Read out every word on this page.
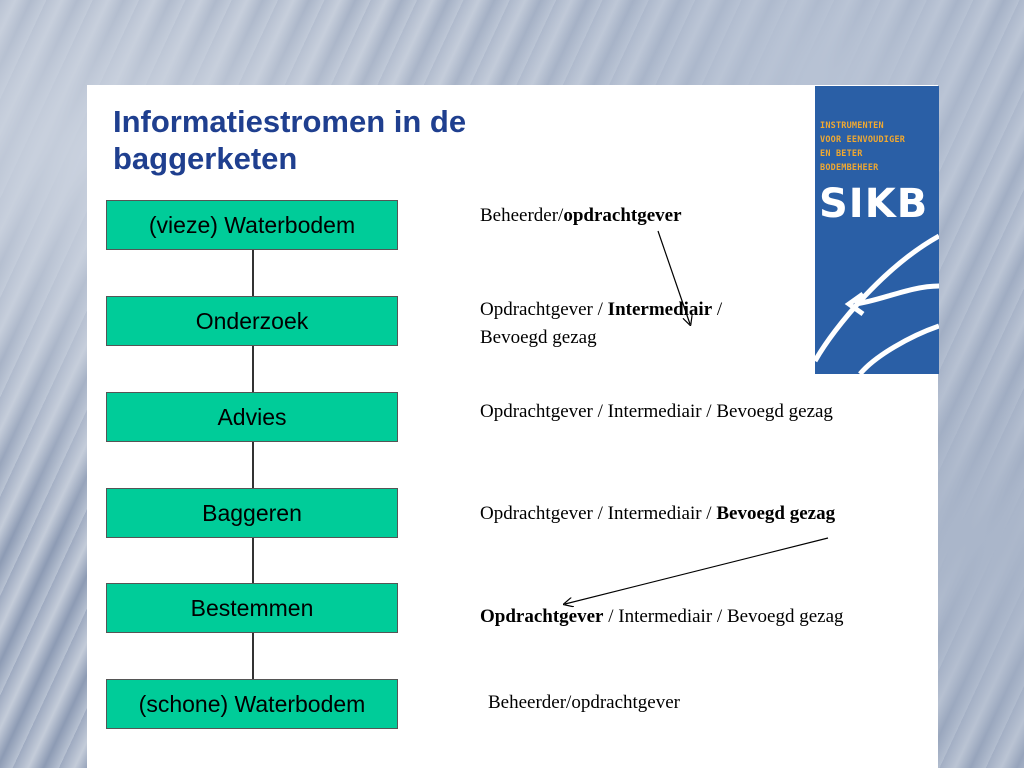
Informatiestromen in de baggerketen
INSTRUMENTEN
VOOR EENVOUDIGER
EN BETER
BODEMBEHEER
SIKB
(vieze) Waterbodem
Onderzoek
Advies
Baggeren
Bestemmen
(schone) Waterbodem
Beheerder/opdrachtgever
Opdrachtgever / Intermediair /
Bevoegd gezag
Opdrachtgever / Intermediair / Bevoegd gezag
Opdrachtgever / Intermediair / Bevoegd gezag
Opdrachtgever / Intermediair / Bevoegd gezag
Beheerder/opdrachtgever
